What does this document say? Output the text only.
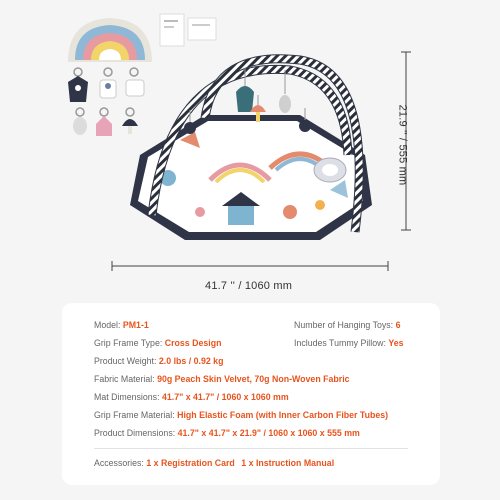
21.9 '' / 555 mm
41.7 '' / 1060 mm
Model: PM1-1	Number of Hanging Toys: 6
Grip Frame Type: Cross Design	Includes Tummy Pillow: Yes
Product Weight: 2.0 lbs / 0.92 kg
Fabric Material: 90g Peach Skin Velvet, 70g Non-Woven Fabric
Mat Dimensions: 41.7" x 41.7" / 1060 x 1060 mm
Grip Frame Material: High Elastic Foam (with Inner Carbon Fiber Tubes)
Product Dimensions: 41.7" x 41.7" x 21.9" / 1060 x 1060 x 555 mm
Accessories: 1 x Registration Card 1 x Instruction Manual
